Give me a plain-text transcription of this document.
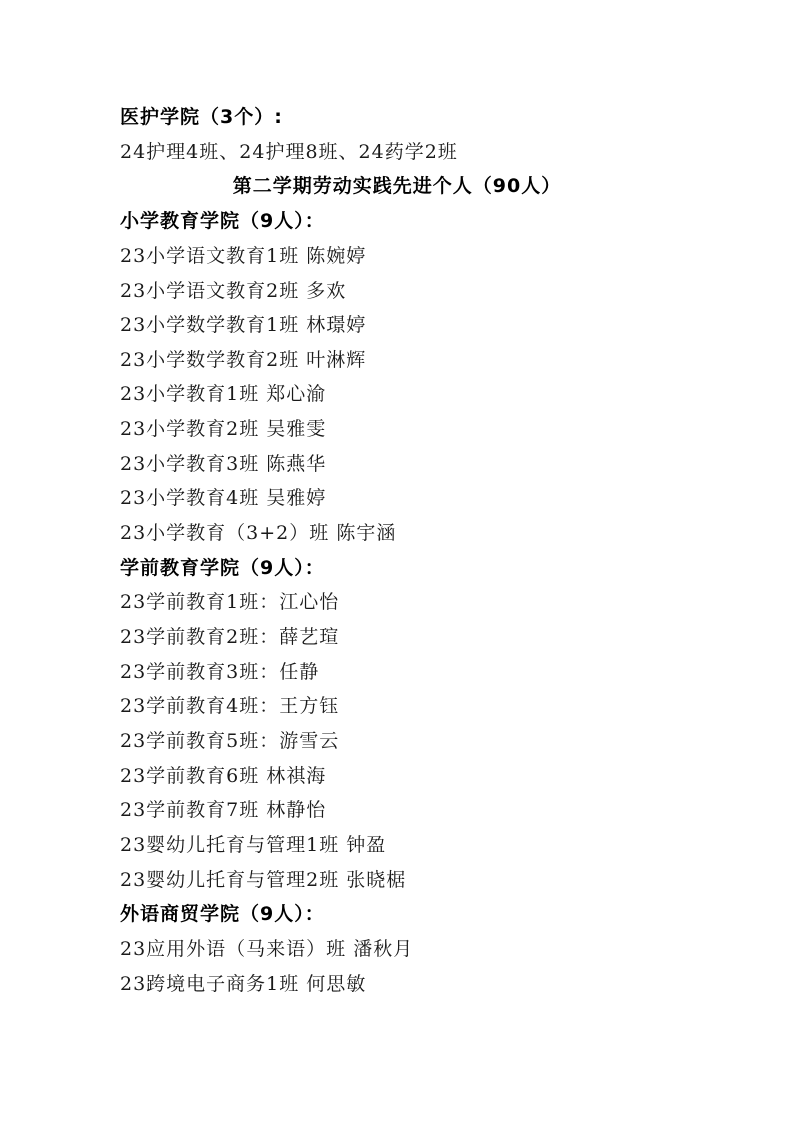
医护学院（3个）:
24护理4班、24护理8班、24药学2班
第二学期劳动实践先进个人（90人）
小学教育学院（9人）：
23小学语文教育1班 陈婉婷
23小学语文教育2班 多欢
23小学数学教育1班 林璟婷
23小学数学教育2班 叶淋辉
23小学教育1班 郑心渝
23小学教育2班 吴雅雯
23小学教育3班 陈燕华
23小学教育4班 吴雅婷
23小学教育（3+2）班 陈宇涵
学前教育学院（9人）：
23学前教育1班：江心怡
23学前教育2班：薛艺瑄
23学前教育3班：任静
23学前教育4班：王方钰
23学前教育5班：游雪云
23学前教育6班 林祺海
23学前教育7班 林静怡
23婴幼儿托育与管理1班 钟盈
23婴幼儿托育与管理2班 张晓椐
外语商贸学院（9人）：
23应用外语（马来语）班 潘秋月
23跨境电子商务1班 何思敏
